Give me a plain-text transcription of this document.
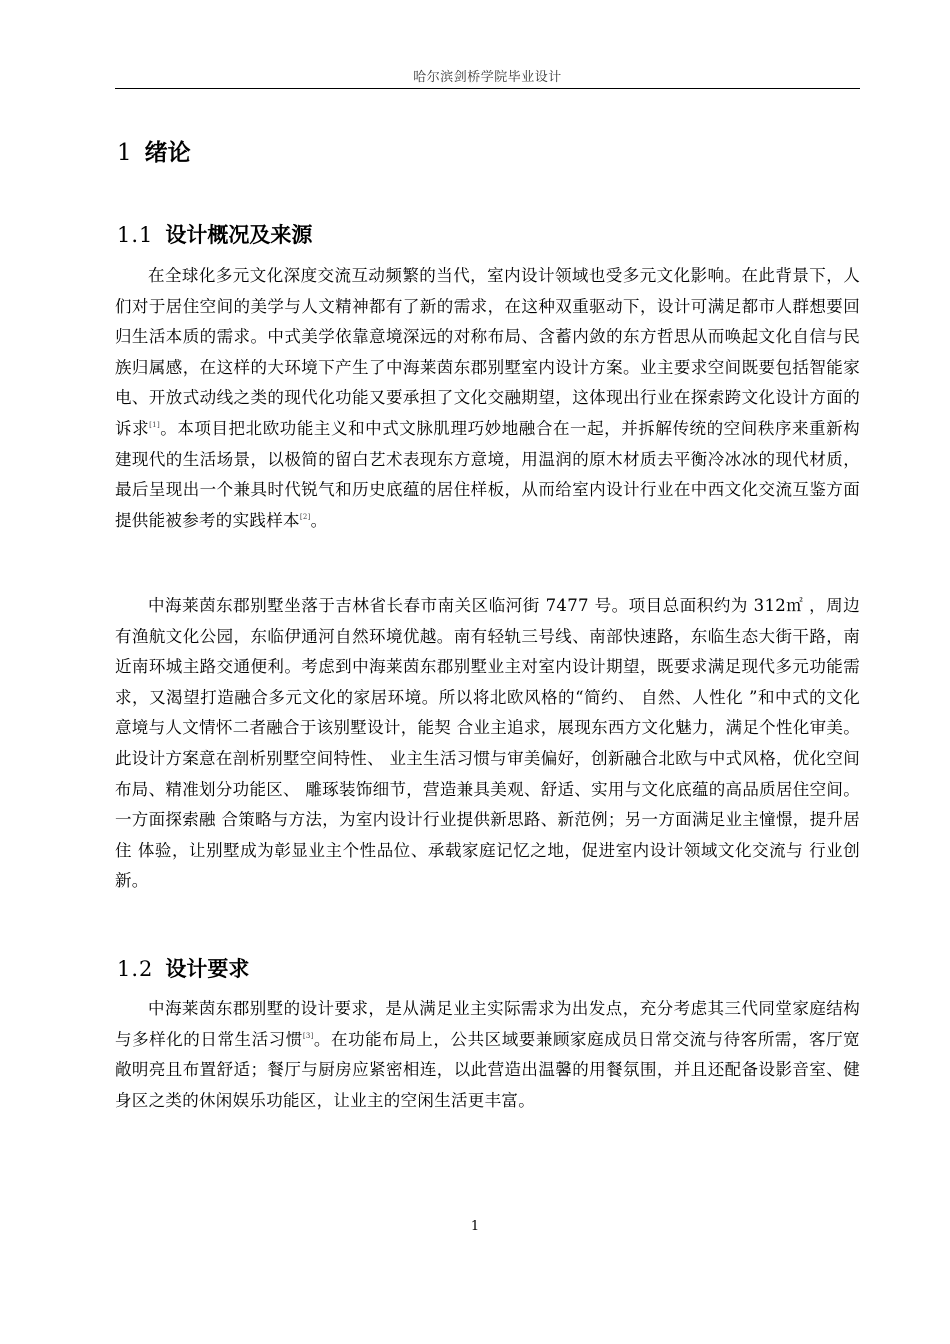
哈尔滨剑桥学院毕业设计
1 绪论
1.1 设计概况及来源

在全球化多元文化深度交流互动频繁的当代，室内设计领域也受多元文化影响。在此背景下，人们对于居住空间的美学与人文精神都有了新的需求，在这种双重驱动下，设计可满足都市人群想要回归生活本质的需求。中式美学依靠意境深远的对称布局、含蓄内敛的东方哲思从而唤起文化自信与民族归属感，在这样的大环境下产生了中海莱茵东郡别墅室内设计方案。业主要求空间既要包括智能家电、开放式动线之类的现代化功能又要承担了文化交融期望，这体现出行业在探索跨文化设计方面的诉求[1]。本项目把北欧功能主义和中式文脉肌理巧妙地融合在一起，并拆解传统的空间秩序来重新构建现代的生活场景，以极简的留白艺术表现东方意境，用温润的原木材质去平衡冷冰冰的现代材质，最后呈现出一个兼具时代锐气和历史底蕴的居住样板，从而给室内设计行业在中西文化交流互鉴方面提供能被参考的实践样本[2]。

中海莱茵东郡别墅坐落于吉林省长春市南关区临河街 7477 号。项目总面积约为 312㎡ ，周边有渔航文化公园，东临伊通河自然环境优越。南有轻轨三号线、南部快速路，东临生态大街干路，南近南环城主路交通便利。考虑到中海莱茵东郡别墅业主对室内设计期望，既要求满足现代多元功能需求，又渴望打造融合多元文化的家居环境。所以将北欧风格的“简约、 自然、人性化 ”和中式的文化意境与人文情怀二者融合于该别墅设计，能契 合业主追求，展现东西方文化魅力，满足个性化审美。此设计方案意在剖析别墅空间特性、 业主生活习惯与审美偏好，创新融合北欧与中式风格，优化空间布局、精准划分功能区、 雕琢装饰细节，营造兼具美观、舒适、实用与文化底蕴的高品质居住空间。一方面探索融 合策略与方法，为室内设计行业提供新思路、新范例；另一方面满足业主憧憬，提升居住 体验，让别墅成为彰显业主个性品位、承载家庭记忆之地，促进室内设计领域文化交流与 行业创新。

1.2 设计要求

中海莱茵东郡别墅的设计要求，是从满足业主实际需求为出发点，充分考虑其三代同堂家庭结构与多样化的日常生活习惯[3]。在功能布局上，公共区域要兼顾家庭成员日常交流与待客所需，客厅宽敞明亮且布置舒适；餐厅与厨房应紧密相连，以此营造出温馨的用餐氛围，并且还配备设影音室、健身区之类的休闲娱乐功能区，让业主的空闲生活更丰富。

1
